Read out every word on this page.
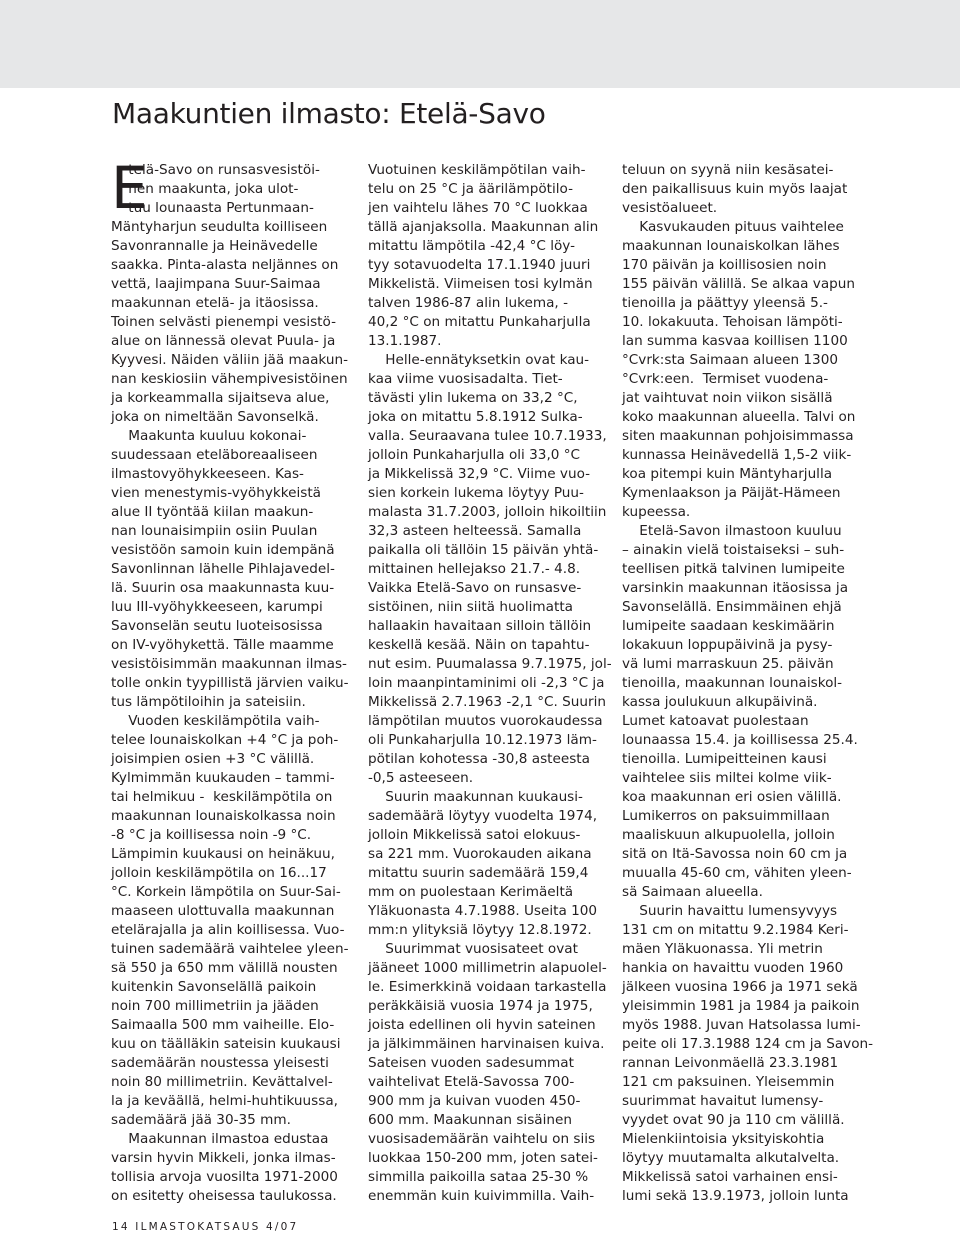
Maakuntien ilmasto: Etelä-Savo
E

telä-Savo on runsasvesistöi-

nen maakunta, joka ulot-

tuu lounaasta Pertunmaan-

Mäntyharjun seudulta koilliseen

Savonrannalle ja Heinävedelle

saakka. Pinta-alasta neljännes on

vettä, laajimpana Suur-Saimaa

maakunnan etelä- ja itäosissa.

Toinen selvästi pienempi vesistö-

alue on lännessä olevat Puula- ja

Kyyvesi. Näiden väliin jää maakun-

nan keskiosiin vähempivesistöinen

ja korkeammalla sijaitseva alue,

joka on nimeltään Savonselkä.

Maakunta kuuluu kokonai-

suudessaan eteläboreaaliseen

ilmastovyöhykkeeseen. Kas-

vien menestymis-vyöhykkeistä

alue II työntää kiilan maakun-

nan lounaisimpiin osiin Puulan

vesistöön samoin kuin idempänä

Savonlinnan lähelle Pihlajavedel-

lä. Suurin osa maakunnasta kuu-

luu III-vyöhykkeeseen, karumpi

Savonselän seutu luoteisosissa

on IV-vyöhykettä. Tälle maamme

vesistöisimmän maakunnan ilmas-

tolle onkin tyypillistä järvien vaiku-

tus lämpötiloihin ja sateisiin.

Vuoden keskilämpötila vaih-

telee lounaiskolkan +4 °C ja poh-

joisimpien osien +3 °C välillä.

Kylmimmän kuukauden – tammi-

tai helmikuu -  keskilämpötila on

maakunnan lounaiskolkassa noin

-8 °C ja koillisessa noin -9 °C.

Lämpimin kuukausi on heinäkuu,

jolloin keskilämpötila on 16...17

°C. Korkein lämpötila on Suur-Sai-

maaseen ulottuvalla maakunnan

etelärajalla ja alin koillisessa. Vuo-

tuinen sademäärä vaihtelee yleen-

sä 550 ja 650 mm välillä nousten

kuitenkin Savonselällä paikoin

noin 700 millimetriin ja jääden

Saimaalla 500 mm vaiheille. Elo-

kuu on täälläkin sateisin kuukausi

sademäärän noustessa yleisesti

noin 80 millimetriin. Kevättalvel-

la ja keväällä, helmi-huhtikuussa,

sademäärä jää 30-35 mm.

Maakunnan ilmastoa edustaa

varsin hyvin Mikkeli, jonka ilmas-

tollisia arvoja vuosilta 1971-2000

on esitetty oheisessa taulukossa.

Vuotuinen keskilämpötilan vaih-

telu on 25 °C ja äärilämpötilo-

jen vaihtelu lähes 70 °C luokkaa

tällä ajanjaksolla. Maakunnan alin

mitattu lämpötila -42,4 °C löy-

tyy sotavuodelta 17.1.1940 juuri

Mikkelistä. Viimeisen tosi kylmän

talven 1986-87 alin lukema, -

40,2 °C on mitattu Punkaharjulla

13.1.1987.

Helle-ennätyksetkin ovat kau-

kaa viime vuosisadalta. Tiet-

tävästi ylin lukema on 33,2 °C,

joka on mitattu 5.8.1912 Sulka-

valla. Seuraavana tulee 10.7.1933,

jolloin Punkaharjulla oli 33,0 °C

ja Mikkelissä 32,9 °C. Viime vuo-

sien korkein lukema löytyy Puu-

malasta 31.7.2003, jolloin hikoiltiin

32,3 asteen helteessä. Samalla

paikalla oli tällöin 15 päivän yhtä-

mittainen hellejakso 21.7.- 4.8.

Vaikka Etelä-Savo on runsasve-

sistöinen, niin siitä huolimatta

hallaakin havaitaan silloin tällöin

keskellä kesää. Näin on tapahtu-

nut esim. Puumalassa 9.7.1975, jol-

loin maanpintaminimi oli -2,3 °C ja

Mikkelissä 2.7.1963 -2,1 °C. Suurin

lämpötilan muutos vuorokaudessa

oli Punkaharjulla 10.12.1973 läm-

pötilan kohotessa -30,8 asteesta

-0,5 asteeseen.

Suurin maakunnan kuukausi-

sademäärä löytyy vuodelta 1974,

jolloin Mikkelissä satoi elokuus-

sa 221 mm. Vuorokauden aikana

mitattu suurin sademäärä 159,4

mm on puolestaan Kerimäeltä

Yläkuonasta 4.7.1988. Useita 100

mm:n ylityksiä löytyy 12.8.1972.

Suurimmat vuosisateet ovat

jääneet 1000 millimetrin alapuolel-

le. Esimerkkinä voidaan tarkastella

peräkkäisiä vuosia 1974 ja 1975,

joista edellinen oli hyvin sateinen

ja jälkimmäinen harvinaisen kuiva.

Sateisen vuoden sadesummat

vaihtelivat Etelä-Savossa 700-

900 mm ja kuivan vuoden 450-

600 mm. Maakunnan sisäinen

vuosisademäärän vaihtelu on siis

luokkaa 150-200 mm, joten satei-

simmilla paikoilla sataa 25-30 %

enemmän kuin kuivimmilla. Vaih-

teluun on syynä niin kesäsatei-

den paikallisuus kuin myös laajat

vesistöalueet.

Kasvukauden pituus vaihtelee

maakunnan lounaiskolkan lähes

170 päivän ja koillisosien noin

155 päivän välillä. Se alkaa vapun

tienoilla ja päättyy yleensä 5.-

10. lokakuuta. Tehoisan lämpöti-

lan summa kasvaa koillisen 1100

°Cvrk:sta Saimaan alueen 1300

°Cvrk:een.  Termiset vuodena-

jat vaihtuvat noin viikon sisällä

koko maakunnan alueella. Talvi on

siten maakunnan pohjoisimmassa

kunnassa Heinävedellä 1,5-2 viik-

koa pitempi kuin Mäntyharjulla

Kymenlaakson ja Päijät-Hämeen

kupeessa.

Etelä-Savon ilmastoon kuuluu

– ainakin vielä toistaiseksi – suh-

teellisen pitkä talvinen lumipeite

varsinkin maakunnan itäosissa ja

Savonselällä. Ensimmäinen ehjä

lumipeite saadaan keskimäärin

lokakuun loppupäivinä ja pysy-

vä lumi marraskuun 25. päivän

tienoilla, maakunnan lounaiskol-

kassa joulukuun alkupäivinä.

Lumet katoavat puolestaan

lounaassa 15.4. ja koillisessa 25.4.

tienoilla. Lumipeitteinen kausi

vaihtelee siis miltei kolme viik-

koa maakunnan eri osien välillä.

Lumikerros on paksuimmillaan

maaliskuun alkupuolella, jolloin

sitä on Itä-Savossa noin 60 cm ja

muualla 45-60 cm, vähiten yleen-

sä Saimaan alueella.

Suurin havaittu lumensyvyys

131 cm on mitattu 9.2.1984 Keri-

mäen Yläkuonassa. Yli metrin

hankia on havaittu vuoden 1960

jälkeen vuosina 1966 ja 1971 sekä

yleisimmin 1981 ja 1984 ja paikoin

myös 1988. Juvan Hatsolassa lumi-

peite oli 17.3.1988 124 cm ja Savon-

rannan Leivonmäellä 23.3.1981

121 cm paksuinen. Yleisemmin

suurimmat havaitut lumensy-

vyydet ovat 90 ja 110 cm välillä.

Mielenkiintoisia yksityiskohtia

löytyy muutamalta alkutalvelta.

Mikkelissä satoi varhainen ensi-

lumi sekä 13.9.1973, jolloin lunta

14 ILMASTOKATSAUS 4/07
